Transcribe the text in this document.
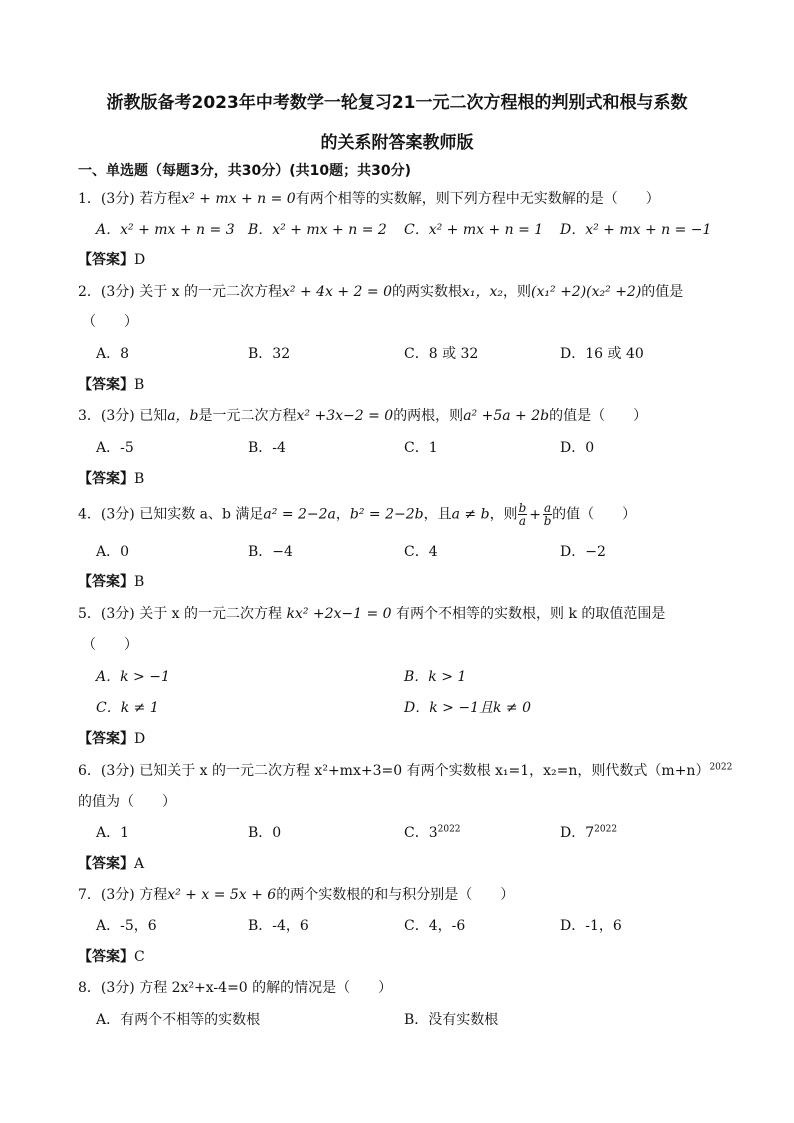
浙教版备考2023年中考数学一轮复习21一元二次方程根的判别式和根与系数
的关系附答案教师版
一、单选题（每题3分，共30分）(共10题；共30分)
1．(3分) 若方程x² + mx + n = 0有两个相等的实数解，则下列方程中无实数解的是（　　）
A．x² + mx + n = 3 B．x² + mx + n = 2 C．x² + mx + n = 1 D．x² + mx + n = −1
【答案】D
2．(3分) 关于 x 的一元二次方程x² + 4x + 2 = 0的两实数根x₁，x₂，则(x₁² +2)(x₂² +2)的值是
（　　）
A．8	B．32	C．8 或 32	D．16 或 40
【答案】B
3．(3分) 已知a，b是一元二次方程x² +3x−2 = 0的两根，则a² +5a + 2b的值是（　　）
A．-5	B．-4	C．1	D．0
【答案】B
4．(3分) 已知实数 a、b 满足a² = 2−2a，b² = 2−2b，且a ≠ b，则 $\frac{b}{a} + \frac{a}{b}$ 的值（　　）
A．0	B．−4	C．4	D．−2
【答案】B
5．(3分) 关于 x 的一元二次方程 kx² +2x−1 = 0 有两个不相等的实数根，则 k 的取值范围是
（　　）
A．k > −1	B．k > 1
C．k ≠ 1	D．k > −1且k ≠ 0
【答案】D
6．(3分) 已知关于 x 的一元二次方程 x²+mx+3=0 有两个实数根 x₁=1，x₂=n，则代数式$(m+n)^{2022}$
的值为（　　）
A．1	B．0	C．$3^{2022}$	D．$7^{2022}$
【答案】A
7．(3分) 方程x² + x = 5x + 6的两个实数根的和与积分别是（　　）
A．-5，6	B．-4，6	C．4，-6	D．-1，6
【答案】C
8．(3分) 方程 2x²+x-4=0 的解的情况是（　　）
A．有两个不相等的实数根	B．没有实数根
